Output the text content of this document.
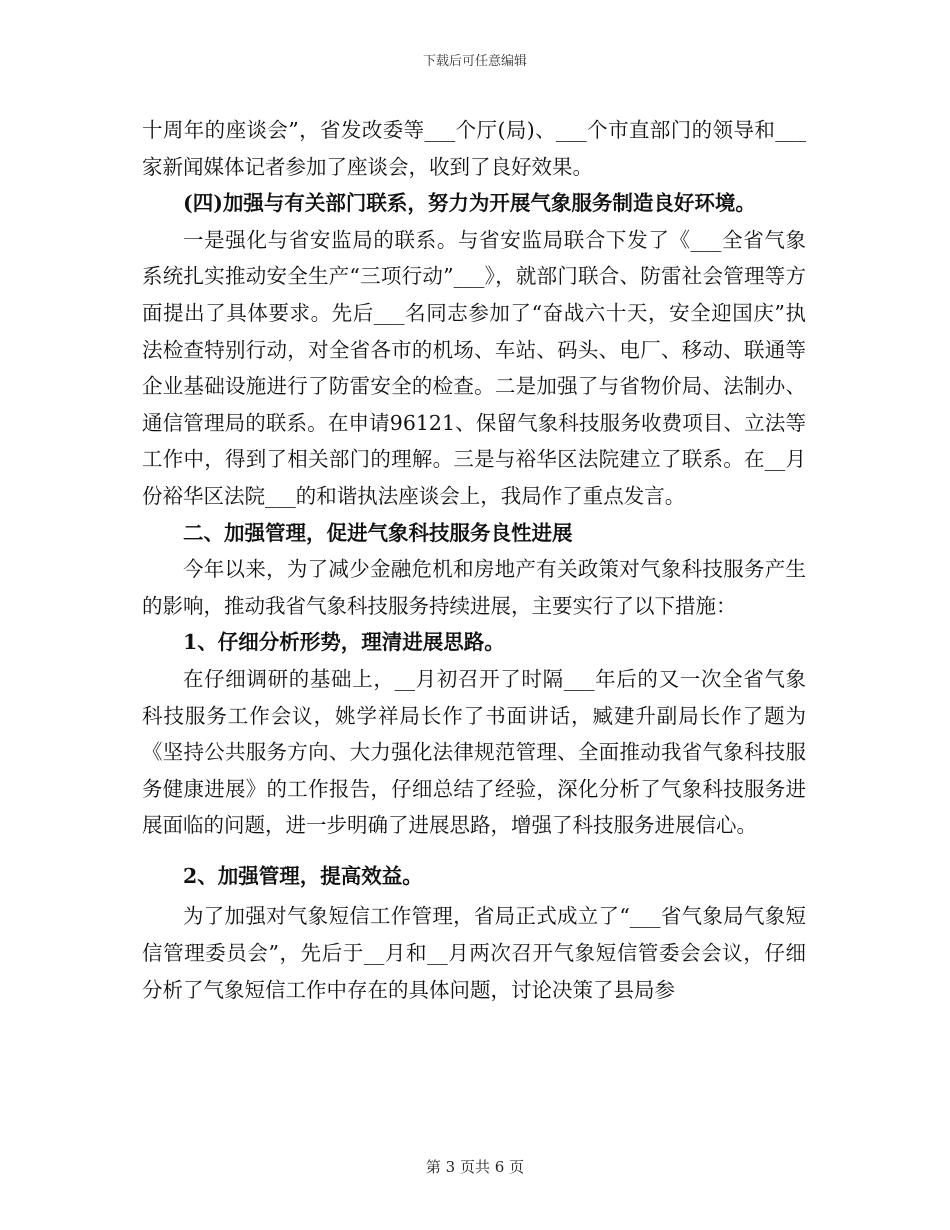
下载后可任意编辑

十周年的座谈会”，省发改委等___个厅(局)、___个市直部门的领导和___家新闻媒体记者参加了座谈会，收到了良好效果。

(四)加强与有关部门联系，努力为开展气象服务制造良好环境。

一是强化与省安监局的联系。与省安监局联合下发了《___全省气象系统扎实推动安全生产“三项行动”___》，就部门联合、防雷社会管理等方面提出了具体要求。先后___名同志参加了“奋战六十天，安全迎国庆”执法检查特别行动，对全省各市的机场、车站、码头、电厂、移动、联通等企业基础设施进行了防雷安全的检查。二是加强了与省物价局、法制办、通信管理局的联系。在申请96121、保留气象科技服务收费项目、立法等工作中，得到了相关部门的理解。三是与裕华区法院建立了联系。在__月份裕华区法院___的和谐执法座谈会上，我局作了重点发言。

二、加强管理，促进气象科技服务良性进展

今年以来，为了减少金融危机和房地产有关政策对气象科技服务产生的影响，推动我省气象科技服务持续进展，主要实行了以下措施：

1、仔细分析形势，理清进展思路。

在仔细调研的基础上，__月初召开了时隔___年后的又一次全省气象科技服务工作会议，姚学祥局长作了书面讲话，臧建升副局长作了题为《坚持公共服务方向、大力强化法律规范管理、全面推动我省气象科技服务健康进展》的工作报告，仔细总结了经验，深化分析了气象科技服务进展面临的问题，进一步明确了进展思路，增强了科技服务进展信心。

2、加强管理，提高效益。

为了加强对气象短信工作管理，省局正式成立了“___省气象局气象短信管理委员会”，先后于__月和__月两次召开气象短信管委会会议，仔细分析了气象短信工作中存在的具体问题，讨论决策了县局参

第 3 页共 6 页
